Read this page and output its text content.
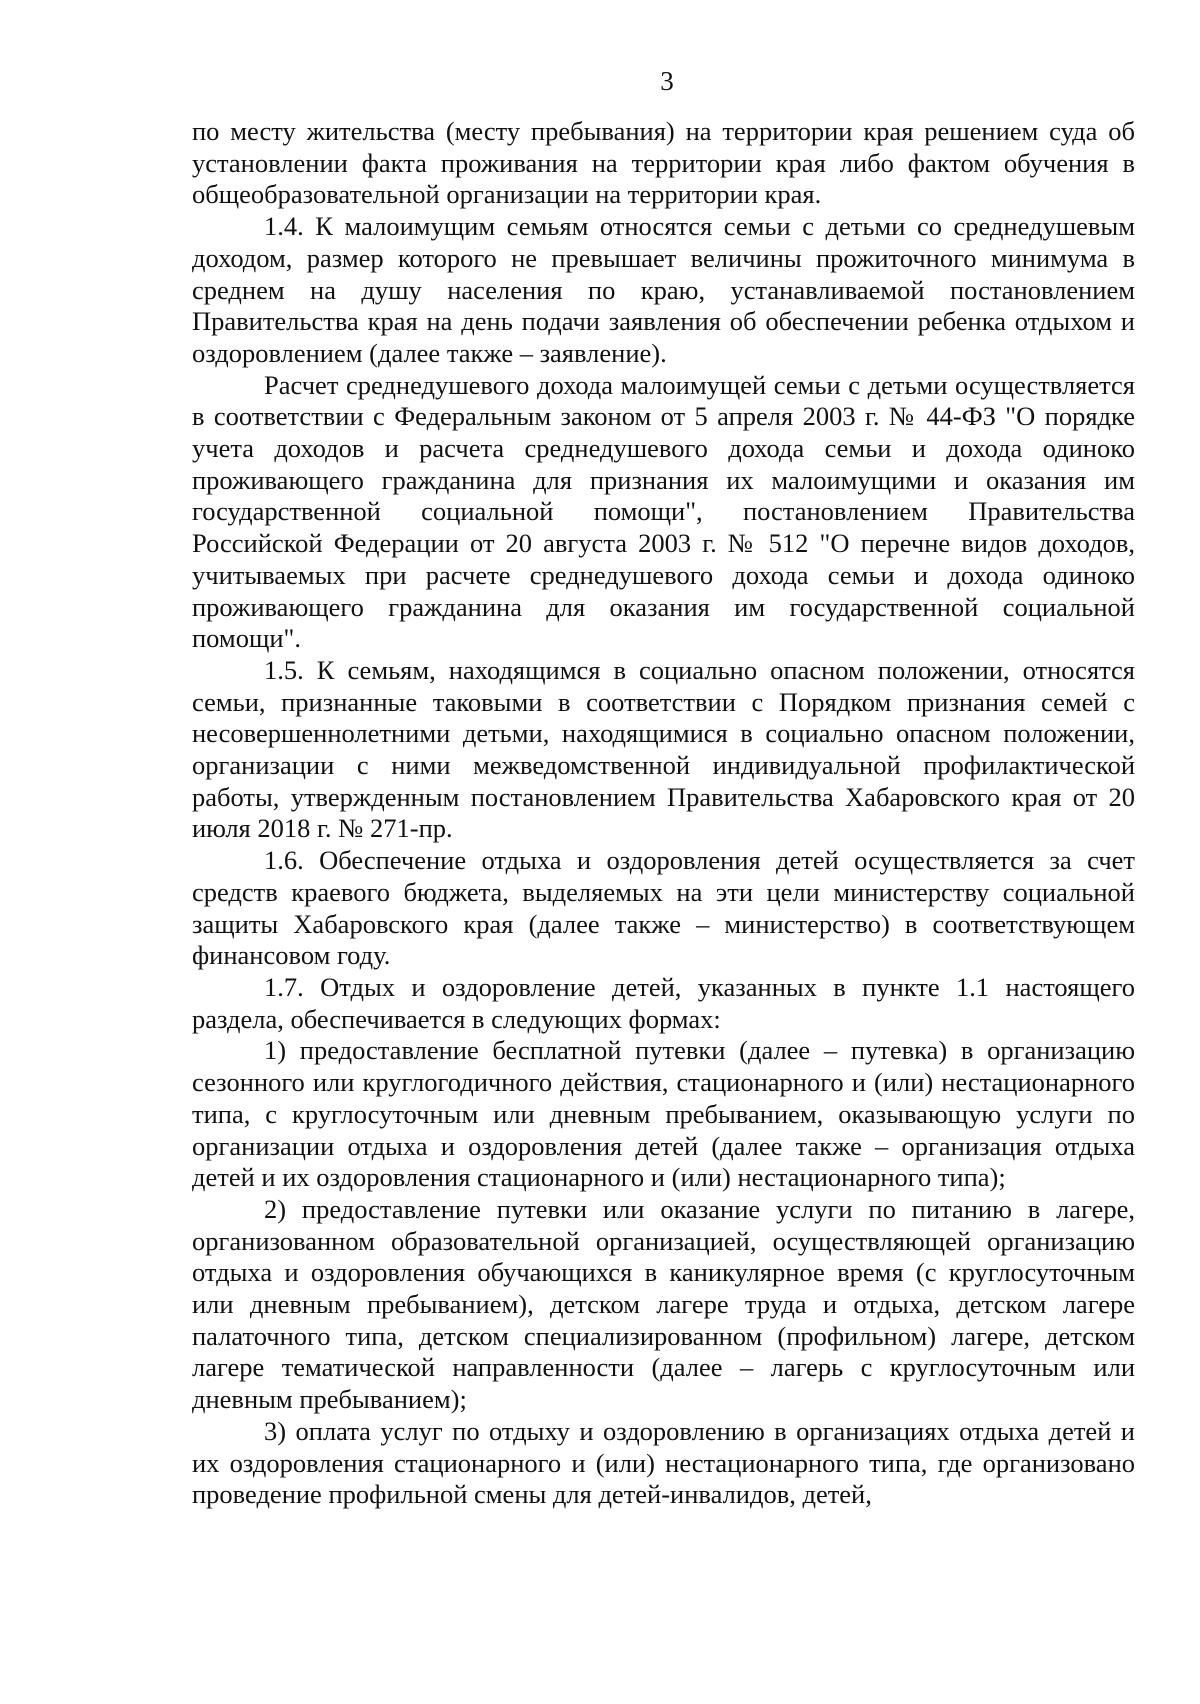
3

по месту жительства (месту пребывания) на территории края решением суда об установлении факта проживания на территории края либо фактом обучения в общеобразовательной организации на территории края.

1.4. К малоимущим семьям относятся семьи с детьми со среднедушевым доходом, размер которого не превышает величины прожиточного минимума в среднем на душу населения по краю, устанавливаемой постановлением Правительства края на день подачи заявления об обеспечении ребенка отдыхом и оздоровлением (далее также – заявление).

Расчет среднедушевого дохода малоимущей семьи с детьми осуществляется в соответствии с Федеральным законом от 5 апреля 2003 г. № 44-ФЗ "О порядке учета доходов и расчета среднедушевого дохода семьи и дохода одиноко проживающего гражданина для признания их малоимущими и оказания им государственной социальной помощи", постановлением Правительства Российской Федерации от 20 августа 2003 г. № 512 "О перечне видов доходов, учитываемых при расчете среднедушевого дохода семьи и дохода одиноко проживающего гражданина для оказания им государственной социальной помощи".

1.5. К семьям, находящимся в социально опасном положении, относятся семьи, признанные таковыми в соответствии с Порядком признания семей с несовершеннолетними детьми, находящимися в социально опасном положении, организации с ними межведомственной индивидуальной профилактической работы, утвержденным постановлением Правительства Хабаровского края от 20 июля 2018 г. № 271-пр.

1.6. Обеспечение отдыха и оздоровления детей осуществляется за счет средств краевого бюджета, выделяемых на эти цели министерству социальной защиты Хабаровского края (далее также – министерство) в соответствующем финансовом году.

1.7. Отдых и оздоровление детей, указанных в пункте 1.1 настоящего раздела, обеспечивается в следующих формах:

1) предоставление бесплатной путевки (далее – путевка) в организацию сезонного или круглогодичного действия, стационарного и (или) нестационарного типа, с круглосуточным или дневным пребыванием, оказывающую услуги по организации отдыха и оздоровления детей (далее также – организация отдыха детей и их оздоровления стационарного и (или) нестационарного типа);

2) предоставление путевки или оказание услуги по питанию в лагере, организованном образовательной организацией, осуществляющей организацию отдыха и оздоровления обучающихся в каникулярное время (с круглосуточным или дневным пребыванием), детском лагере труда и отдыха, детском лагере палаточного типа, детском специализированном (профильном) лагере, детском лагере тематической направленности (далее – лагерь с круглосуточным или дневным пребыванием);

3) оплата услуг по отдыху и оздоровлению в организациях отдыха детей и их оздоровления стационарного и (или) нестационарного типа, где организовано проведение профильной смены для детей-инвалидов, детей,
